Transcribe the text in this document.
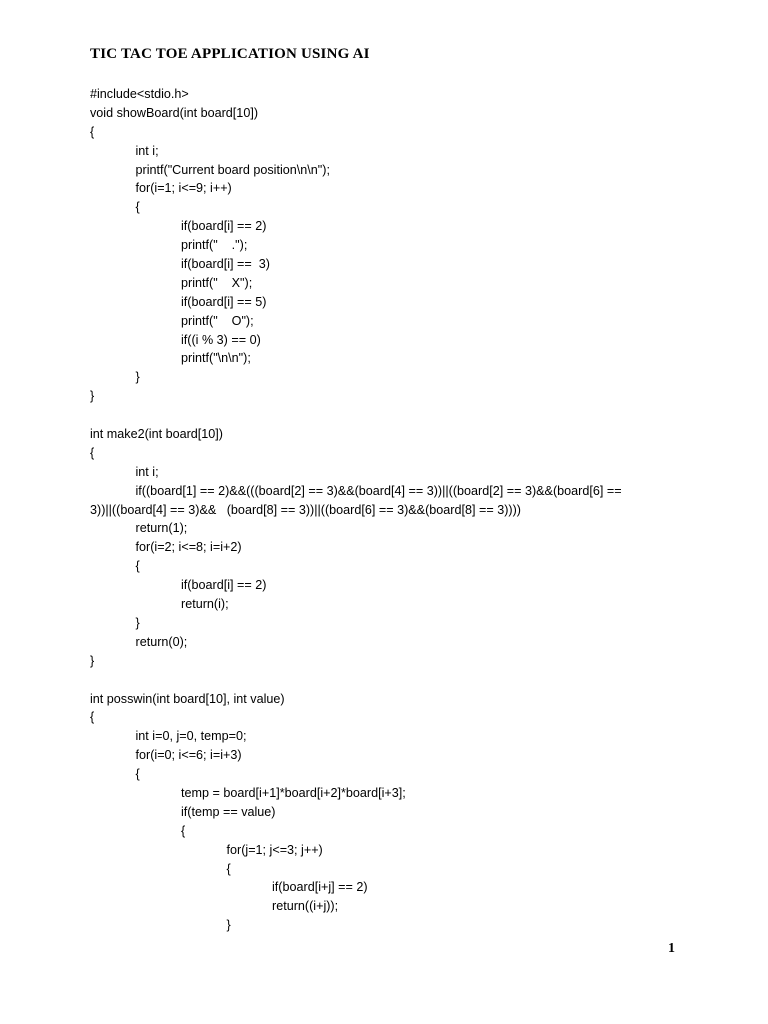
TIC TAC TOE APPLICATION USING AI
#include<stdio.h>
void showBoard(int board[10])
{
int i;
printf("Current board position\n\n");
for(i=1; i<=9; i++)
{
if(board[i] == 2)
printf("    .");
if(board[i] ==  3)
printf("    X");
if(board[i] == 5)
printf("    O");
if((i % 3) == 0)
printf("\n\n");
}
}
int make2(int board[10])
{
int i;
if((board[1] == 2)&&(((board[2] == 3)&&(board[4] == 3))||((board[2] == 3)&&(board[6] ==
3))||((board[4] == 3)&&   (board[8] == 3))||((board[6] == 3)&&(board[8] == 3))))
return(1);
for(i=2; i<=8; i=i+2)
{
if(board[i] == 2)
return(i);
}
return(0);
}
int posswin(int board[10], int value)
{
int i=0, j=0, temp=0;
for(i=0; i<=6; i=i+3)
{
temp = board[i+1]*board[i+2]*board[i+3];
if(temp == value)
{
for(j=1; j<=3; j++)
{
if(board[i+j] == 2)
return((i+j));
}
1
